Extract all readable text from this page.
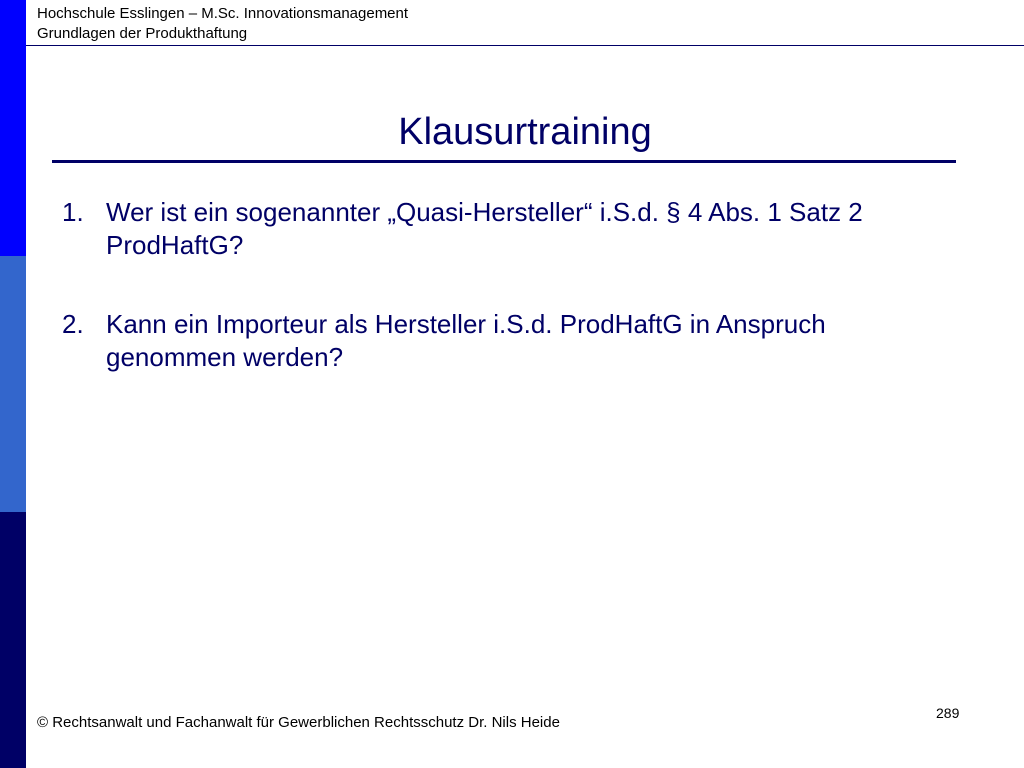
Hochschule Esslingen – M.Sc. Innovationsmanagement
Grundlagen der Produkthaftung
Klausurtraining
1. Wer ist ein sogenannter „Quasi-Hersteller“ i.S.d. § 4 Abs. 1 Satz 2 ProdHaftG?
2. Kann ein Importeur als Hersteller i.S.d. ProdHaftG in Anspruch genommen werden?
289
© Rechtsanwalt und Fachanwalt für Gewerblichen Rechtsschutz Dr. Nils Heide
